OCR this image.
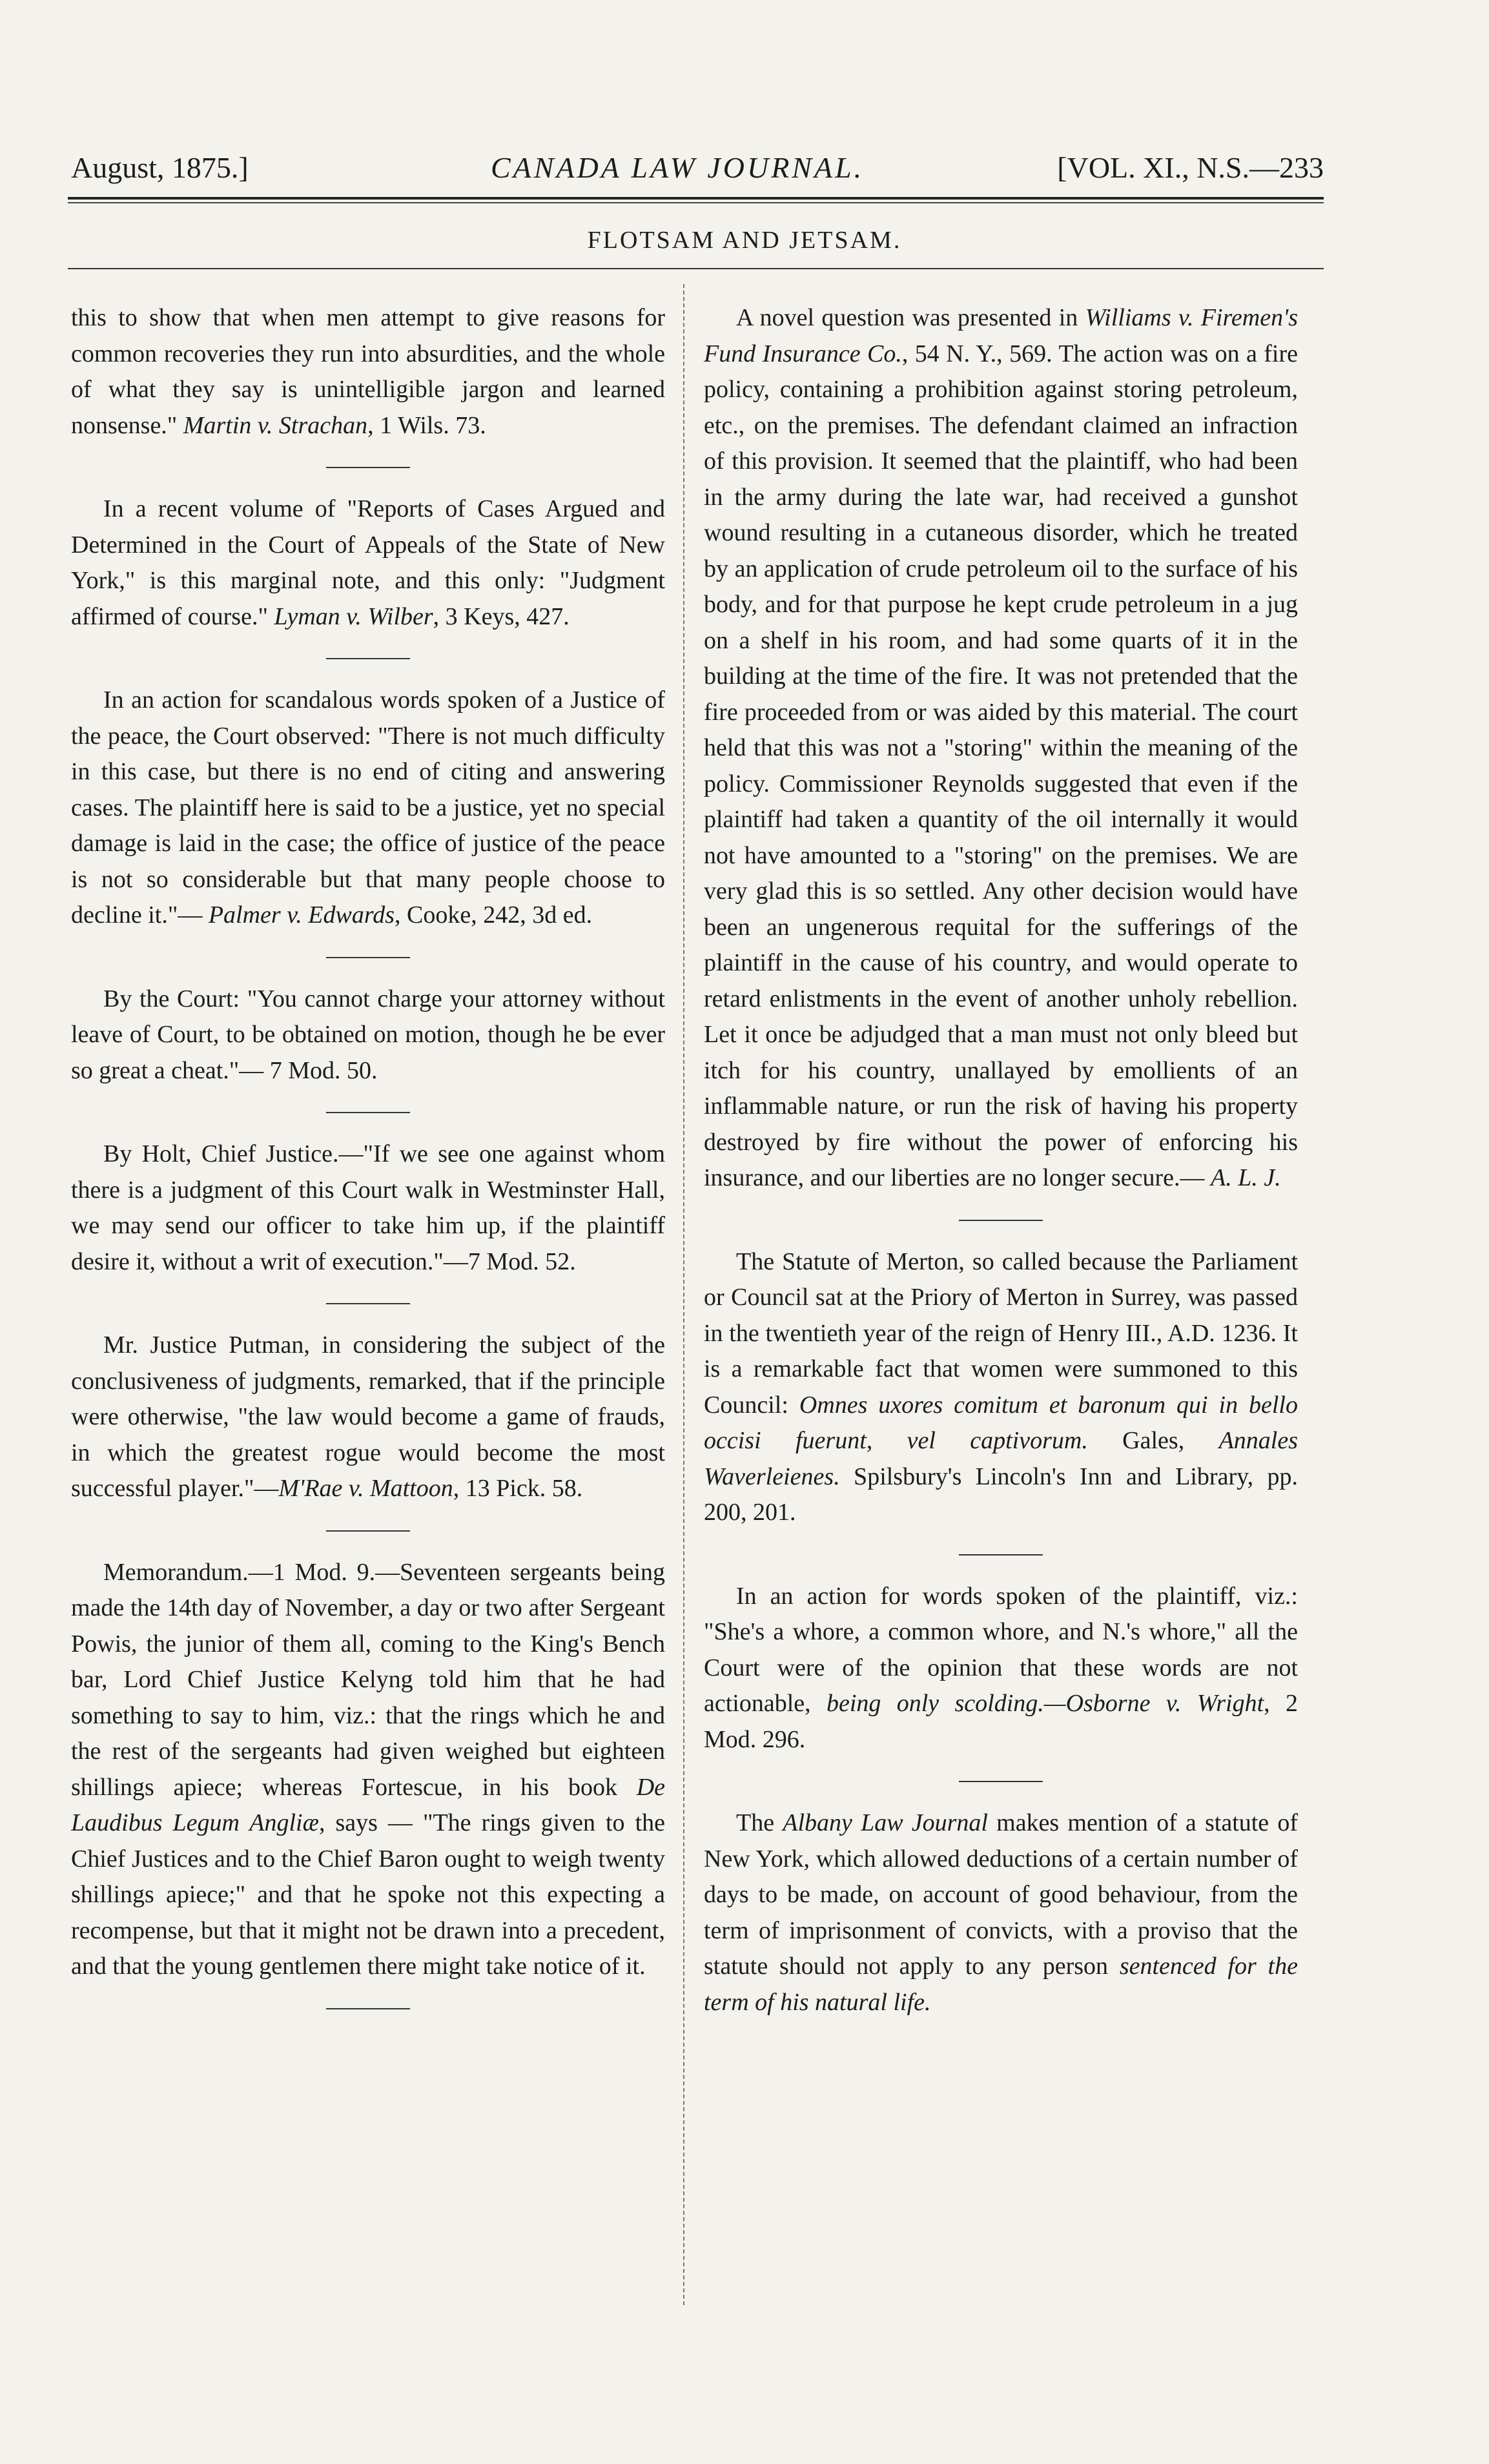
August, 1875.]	CANADA LAW JOURNAL.	[VOL. XI., N.S.—233
FLOTSAM AND JETSAM.

this to show that when men attempt to give reasons for common recoveries they run into absurdities, and the whole of what they say is unintelligible jargon and learned nonsense." Martin v. Strachan, 1 Wils. 73.

In a recent volume of "Reports of Cases Argued and Determined in the Court of Appeals of the State of New York," is this marginal note, and this only: "Judgment affirmed of course." Lyman v. Wilber, 3 Keys, 427.

In an action for scandalous words spoken of a Justice of the peace, the Court observed: "There is not much difficulty in this case, but there is no end of citing and answering cases. The plaintiff here is said to be a justice, yet no special damage is laid in the case; the office of justice of the peace is not so considerable but that many people choose to decline it."— Palmer v. Edwards, Cooke, 242, 3d ed.

By the Court: "You cannot charge your attorney without leave of Court, to be obtained on motion, though he be ever so great a cheat."— 7 Mod. 50.

By Holt, Chief Justice.—"If we see one against whom there is a judgment of this Court walk in Westminster Hall, we may send our officer to take him up, if the plaintiff desire it, without a writ of execution."—7 Mod. 52.

Mr. Justice Putman, in considering the subject of the conclusiveness of judgments, remarked, that if the principle were otherwise, "the law would become a game of frauds, in which the greatest rogue would become the most successful player."—M'Rae v. Mattoon, 13 Pick. 58.

Memorandum.—1 Mod. 9.—Seventeen sergeants being made the 14th day of November, a day or two after Sergeant Powis, the junior of them all, coming to the King's Bench bar, Lord Chief Justice Kelyng told him that he had something to say to him, viz.: that the rings which he and the rest of the sergeants had given weighed but eighteen shillings apiece; whereas Fortescue, in his book De Laudibus Legum Angliæ, says — "The rings given to the Chief Justices and to the Chief Baron ought to weigh twenty shillings apiece;" and that he spoke not this expecting a recompense, but that it might not be drawn into a precedent, and that the young gentlemen there might take notice of it.

A novel question was presented in Williams v. Firemen's Fund Insurance Co., 54 N. Y., 569. The action was on a fire policy, containing a prohibition against storing petroleum, etc., on the premises. The defendant claimed an infraction of this provision. It seemed that the plaintiff, who had been in the army during the late war, had received a gunshot wound resulting in a cutaneous disorder, which he treated by an application of crude petroleum oil to the surface of his body, and for that purpose he kept crude petroleum in a jug on a shelf in his room, and had some quarts of it in the building at the time of the fire. It was not pretended that the fire proceeded from or was aided by this material. The court held that this was not a "storing" within the meaning of the policy. Commissioner Reynolds suggested that even if the plaintiff had taken a quantity of the oil internally it would not have amounted to a "storing" on the premises. We are very glad this is so settled. Any other decision would have been an ungenerous requital for the sufferings of the plaintiff in the cause of his country, and would operate to retard enlistments in the event of another unholy rebellion. Let it once be adjudged that a man must not only bleed but itch for his country, unallayed by emollients of an inflammable nature, or run the risk of having his property destroyed by fire without the power of enforcing his insurance, and our liberties are no longer secure.— A. L. J.

The Statute of Merton, so called because the Parliament or Council sat at the Priory of Merton in Surrey, was passed in the twentieth year of the reign of Henry III., A.D. 1236. It is a remarkable fact that women were summoned to this Council: Omnes uxores comitum et baronum qui in bello occisi fuerunt, vel captivorum. Gales, Annales Waverleienes. Spilsbury's Lincoln's Inn and Library, pp. 200, 201.

In an action for words spoken of the plaintiff, viz.: "She's a whore, a common whore, and N.'s whore," all the Court were of the opinion that these words are not actionable, being only scolding.—Osborne v. Wright, 2 Mod. 296.

The Albany Law Journal makes mention of a statute of New York, which allowed deductions of a certain number of days to be made, on account of good behaviour, from the term of imprisonment of convicts, with a proviso that the statute should not apply to any person sentenced for the term of his natural life.
